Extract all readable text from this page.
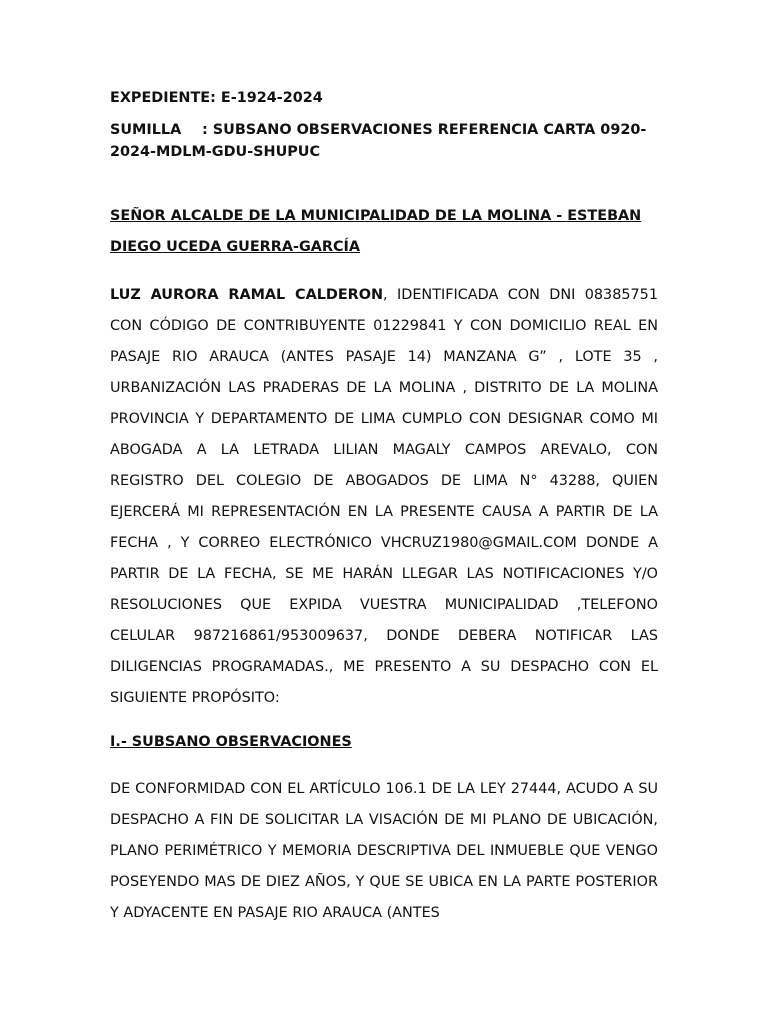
EXPEDIENTE: E-1924-2024
SUMILLA : SUBSANO OBSERVACIONES REFERENCIA CARTA 0920-2024-MDLM-GDU-SHUPUC
SEÑOR ALCALDE DE LA MUNICIPALIDAD DE LA MOLINA - ESTEBAN DIEGO UCEDA GUERRA-GARCÍA

LUZ AURORA RAMAL CALDERON, IDENTIFICADA CON DNI 08385751 CON CÓDIGO DE CONTRIBUYENTE 01229841 Y CON DOMICILIO REAL EN PASAJE RIO ARAUCA (ANTES PASAJE 14) MANZANA G” , LOTE 35 , URBANIZACIÓN LAS PRADERAS DE LA MOLINA , DISTRITO DE LA MOLINA PROVINCIA Y DEPARTAMENTO DE LIMA CUMPLO CON DESIGNAR COMO MI ABOGADA A LA LETRADA LILIAN MAGALY CAMPOS AREVALO, CON REGISTRO DEL COLEGIO DE ABOGADOS DE LIMA N° 43288, QUIEN EJERCERÁ MI REPRESENTACIÓN EN LA PRESENTE CAUSA A PARTIR DE LA FECHA , Y CORREO ELECTRÓNICO VHCRUZ1980@GMAIL.COM DONDE A PARTIR DE LA FECHA, SE ME HARÁN LLEGAR LAS NOTIFICACIONES Y/O RESOLUCIONES QUE EXPIDA VUESTRA MUNICIPALIDAD ,TELEFONO CELULAR 987216861/953009637, DONDE DEBERA NOTIFICAR LAS DILIGENCIAS PROGRAMADAS., ME PRESENTO A SU DESPACHO CON EL SIGUIENTE PROPÓSITO:

I.- SUBSANO OBSERVACIONES

DE CONFORMIDAD CON EL ARTÍCULO 106.1 DE LA LEY 27444, ACUDO A SU DESPACHO A FIN DE SOLICITAR LA VISACIÓN DE MI PLANO DE UBICACIÓN, PLANO PERIMÉTRICO Y MEMORIA DESCRIPTIVA DEL INMUEBLE QUE VENGO POSEYENDO MAS DE DIEZ AÑOS, Y QUE SE UBICA EN LA PARTE POSTERIOR Y ADYACENTE EN PASAJE RIO ARAUCA (ANTES
